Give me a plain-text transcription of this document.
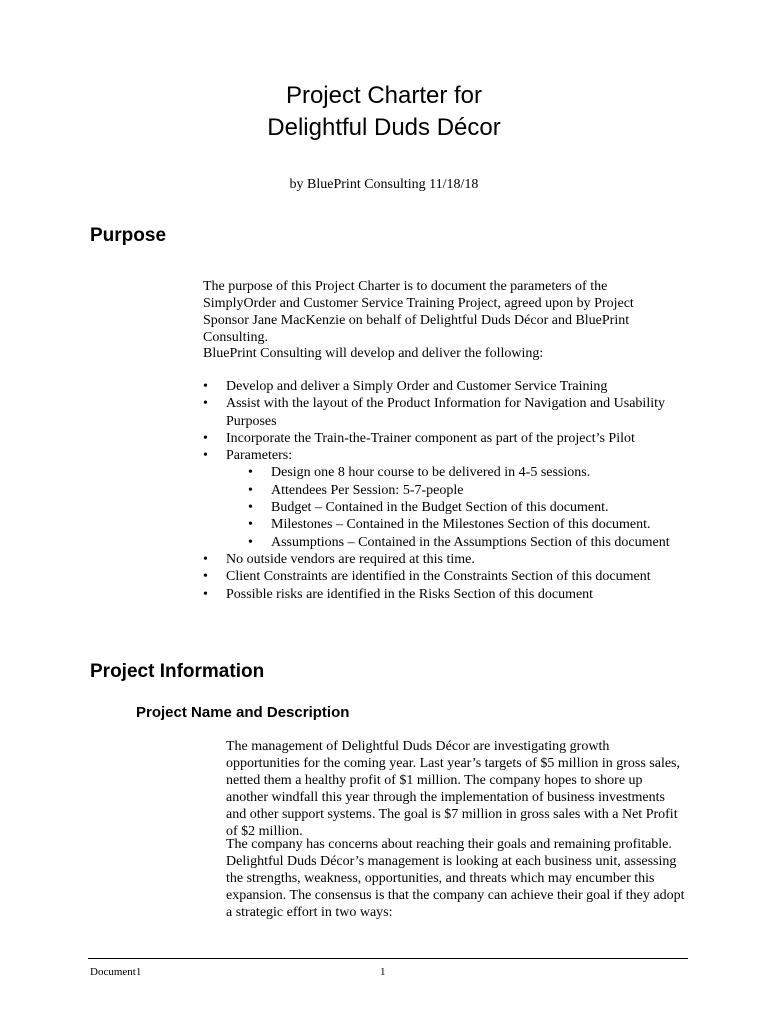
Project Charter for
Delightful Duds Décor
by BluePrint Consulting 11/18/18
Purpose

The purpose of this Project Charter is to document the parameters of the SimplyOrder and Customer Service Training Project, agreed upon by Project Sponsor Jane MacKenzie on behalf of Delightful Duds Décor and BluePrint Consulting.

BluePrint Consulting will develop and deliver the following:

• Develop and deliver a Simply Order and Customer Service Training
• Assist with the layout of the Product Information for Navigation and Usability Purposes
• Incorporate the Train-the-Trainer component as part of the project’s Pilot
• Parameters:
• Design one 8 hour course to be delivered in 4-5 sessions.
• Attendees Per Session: 5-7-people
• Budget – Contained in the Budget Section of this document.
• Milestones – Contained in the Milestones Section of this document.
• Assumptions – Contained in the Assumptions Section of this document
• No outside vendors are required at this time.
• Client Constraints are identified in the Constraints Section of this document
• Possible risks are identified in the Risks Section of this document
Project Information
Project Name and Description

The management of Delightful Duds Décor are investigating growth opportunities for the coming year. Last year’s targets of $5 million in gross sales, netted them a healthy profit of $1 million. The company hopes to shore up another windfall this year through the implementation of business investments and other support systems. The goal is $7 million in gross sales with a Net Profit of $2 million.

The company has concerns about reaching their goals and remaining profitable. Delightful Duds Décor’s management is looking at each business unit, assessing the strengths, weakness, opportunities, and threats which may encumber this expansion. The consensus is that the company can achieve their goal if they adopt a strategic effort in two ways:

Document1	1
